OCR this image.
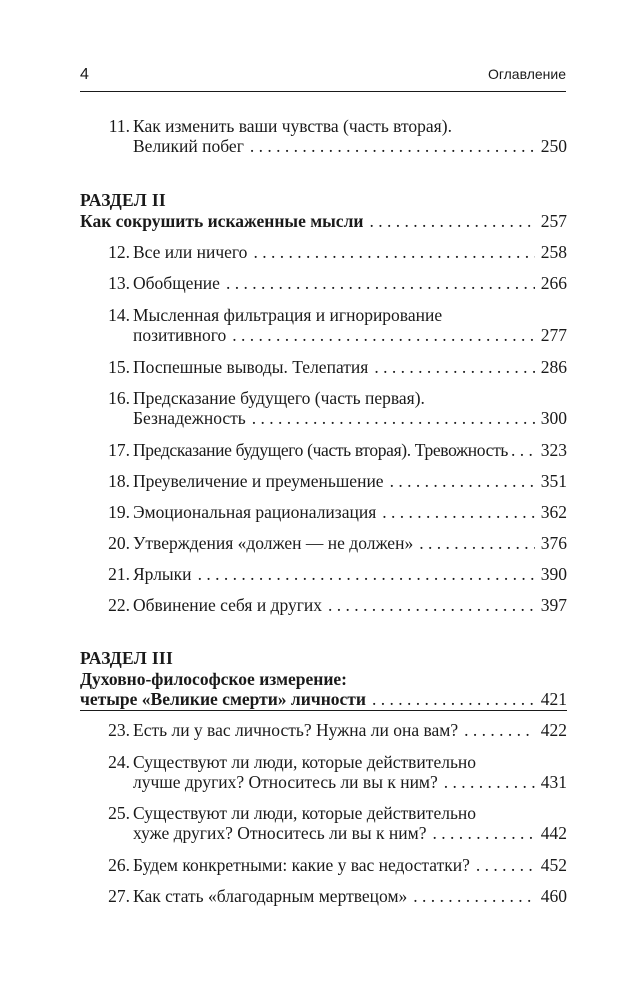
4	Оглавление
11. Как изменить ваши чувства (часть вторая).
Великий побег . . .	250
РАЗДЕЛ II
Как сокрушить искаженные мысли . . .	257
12. Все или ничего . . .	258
13. Обобщение . . .	266
14. Мысленная фильтрация и игнорирование
позитивного . . .	277
15. Поспешные выводы. Телепатия . . .	286
16. Предсказание будущего (часть первая).
Безнадежность . . .	300
17. Предсказание будущего (часть вторая). Тревожность . . . 323
18. Преувеличение и преуменьшение . . .	351
19. Эмоциональная рационализация . . .	362
20. Утверждения «должен — не должен» . . .	376
21. Ярлыки . . .	390
22. Обвинение себя и других . . .	397
РАЗДЕЛ III
Духовно-философское измерение:
четыре «Великие смерти» личности . . .	421
23. Есть ли у вас личность? Нужна ли она вам? . . .	422
24. Существуют ли люди, которые действительно
лучше других? Относитесь ли вы к ним? . . .	431
25. Существуют ли люди, которые действительно
хуже других? Относитесь ли вы к ним? . . .	442
26. Будем конкретными: какие у вас недостатки? . . .	452
27. Как стать «благодарным мертвецом» . . .	460
